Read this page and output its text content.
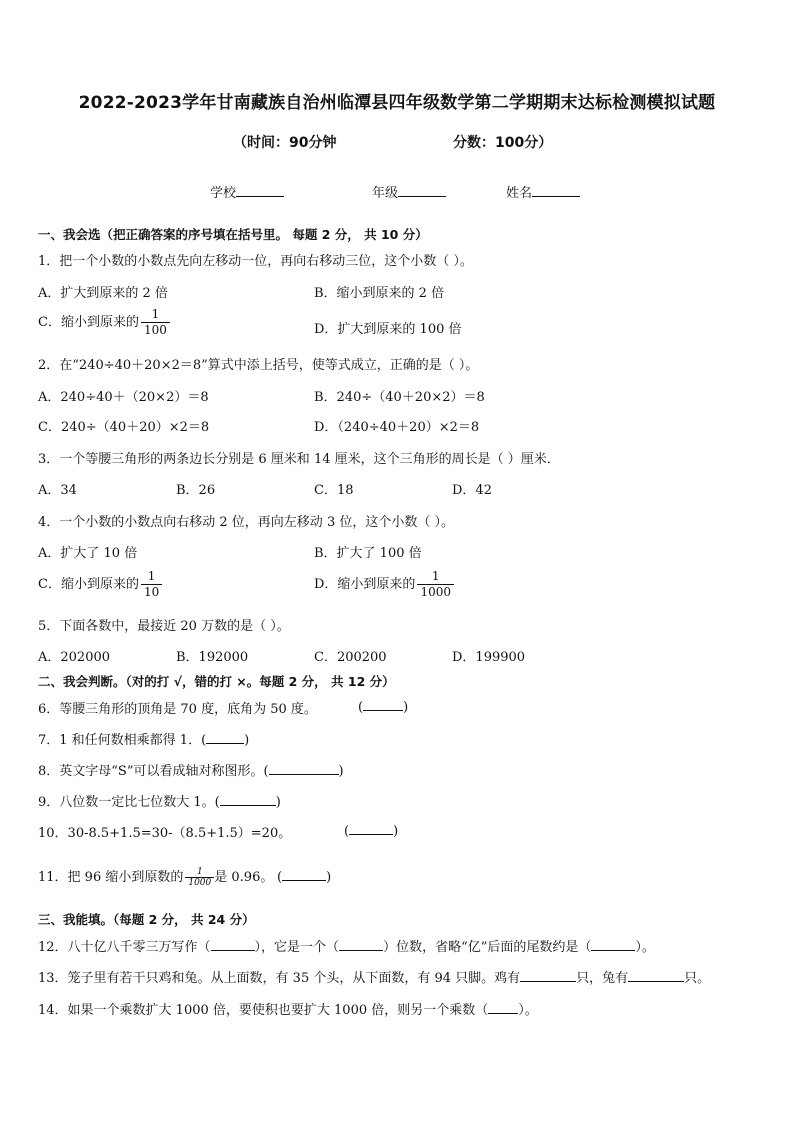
2022-2023学年甘南藏族自治州临潭县四年级数学第二学期期末达标检测模拟试题
（时间：90分钟	分数：100分）
学校	年级	姓名
一、我会选（把正确答案的序号填在括号里。 每题 2 分， 共 10 分）
1．把一个小数的小数点先向左移动一位，再向右移动三位，这个小数（ ）。
A．扩大到原来的 2 倍	B．缩小到原来的 2 倍
C．缩小到原来的 $\frac{1}{100}$	D．扩大到原来的 100 倍
2．在“240÷40＋20×2＝8”算式中添上括号，使等式成立，正确的是（ ）。
A．240÷40＋（20×2）＝8	B．240÷（40＋20×2）＝8
C．240÷（40＋20）×2＝8	D．（240÷40＋20）×2＝8
3．一个等腰三角形的两条边长分别是 6 厘米和 14 厘米，这个三角形的周长是（ ）厘米．
A．34	B．26	C．18	D．42
4．一个小数的小数点向右移动 2 位，再向左移动 3 位，这个小数（ ）。
A．扩大了 10 倍	B．扩大了 100 倍
C．缩小到原来的 $\frac{1}{10}$	D．缩小到原来的 $\frac{1}{1000}$
5．下面各数中，最接近 20 万数的是（ ）。
A．202000	B．192000	C．200200	D．199900
二、我会判断。（对的打 √，错的打 ×。每题 2 分， 共 12 分）
6．等腰三角形的顶角是 70 度，底角为 50 度。	(	)
7．1 和任何数相乘都得 1．(	)
8．英文字母“S”可以看成轴对称图形。(	)
9．八位数一定比七位数大 1。(	)
10．30-8.5+1.5=30-（8.5+1.5）=20。	(	)
11．把 96 缩小到原数的 $\frac{1}{1000}$ 是 0.96。 (	)
三、我能填。（每题 2 分， 共 24 分）
12．八十亿八千零三万写作（	），它是一个（	）位数，省略“亿”后面的尾数约是（	）。
13．笼子里有若干只鸡和兔。从上面数，有 35 个头，从下面数，有 94 只脚。鸡有	只，兔有	只。
14．如果一个乘数扩大 1000 倍，要使积也要扩大 1000 倍，则另一个乘数（ ）。
